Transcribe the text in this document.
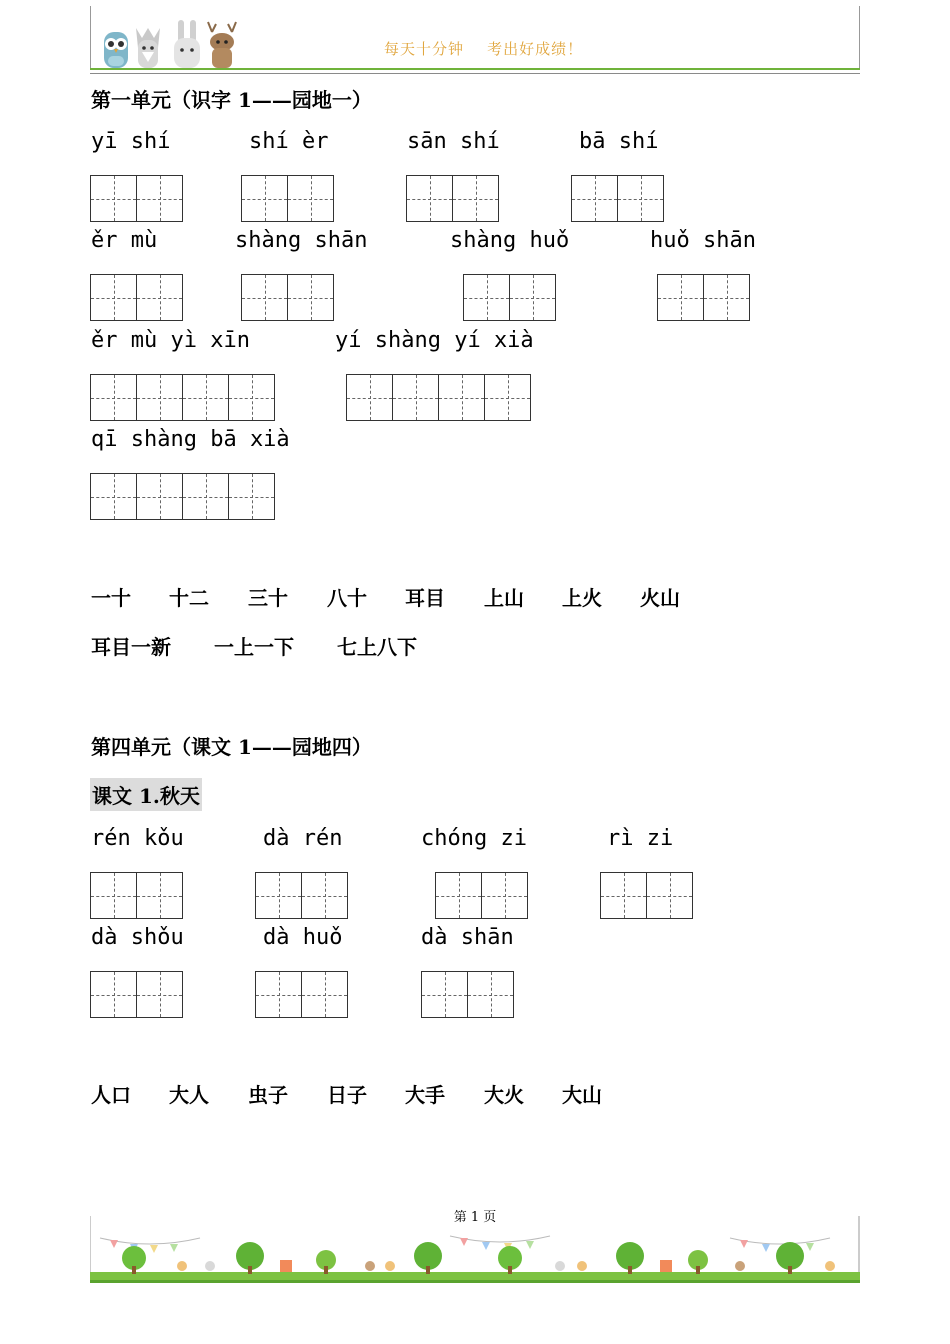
每天十分钟    考出好成绩！
第一单元（识字 1——园地一）
yī shí	shí èr	sān shí	bā shí
ěr mù	shàng shān	shàng huǒ	huǒ shān
ěr mù yì xīn	yí shàng yí xià
qī shàng bā xià
一十 十二 三十 八十 耳目 上山 上火 火山
耳目一新 一上一下 七上八下
第四单元（课文 1——园地四）
课文 1.秋天
rén kǒu	dà rén	chóng zi	rì zi
dà shǒu	dà huǒ	dà shān
人口 大人 虫子 日子 大手 大火 大山
第 1 页
